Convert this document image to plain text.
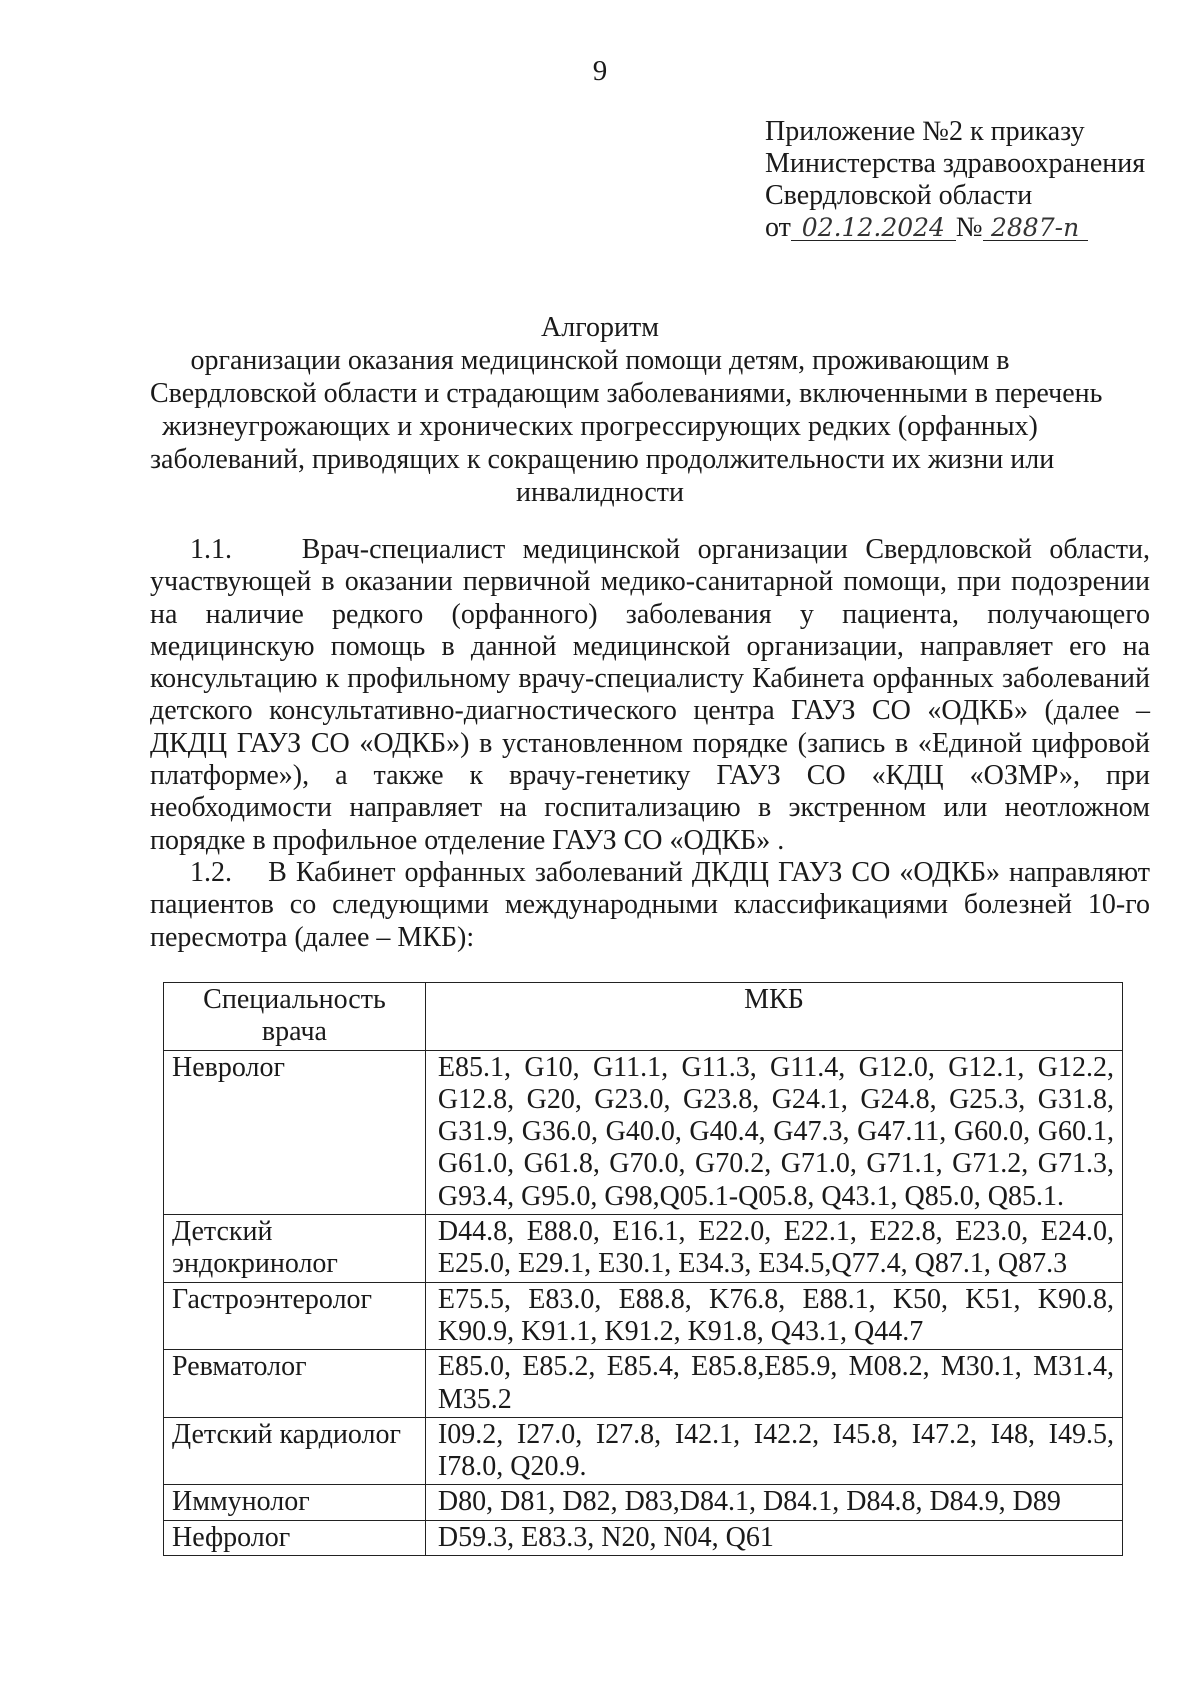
9
Приложение №2 к приказу
Министерства здравоохранения
Свердловской области
от 02.12.2024 № 2887-п
Алгоритм
организации оказания медицинской помощи детям, проживающим в
Свердловской области и страдающим заболеваниями, включенными в перечень
жизнеугрожающих и хронических прогрессирующих редких (орфанных)
заболеваний, приводящих к сокращению продолжительности их жизни или
инвалидности
1.1. Врач-специалист медицинской организации Свердловской области, участвующей в оказании первичной медико-санитарной помощи, при подозрении на наличие редкого (орфанного) заболевания у пациента, получающего медицинскую помощь в данной медицинской организации, направляет его на консультацию к профильному врачу-специалисту Кабинета орфанных заболеваний детского консультативно-диагностического центра ГАУЗ СО «ОДКБ» (далее – ДКДЦ ГАУЗ СО «ОДКБ») в установленном порядке (запись в «Единой цифровой платформе»), а также к врачу-генетику ГАУЗ СО «КДЦ «ОЗМР», при необходимости направляет на госпитализацию в экстренном или неотложном порядке в профильное отделение ГАУЗ СО «ОДКБ» .
1.2. В Кабинет орфанных заболеваний ДКДЦ ГАУЗ СО «ОДКБ» направляют пациентов со следующими международными классификациями болезней 10-го пересмотра (далее – МКБ):
Специальность врача	МКБ
Невролог	E85.1, G10, G11.1, G11.3, G11.4, G12.0, G12.1, G12.2, G12.8, G20, G23.0, G23.8, G24.1, G24.8, G25.3, G31.8, G31.9, G36.0, G40.0, G40.4, G47.3, G47.11, G60.0, G60.1, G61.0, G61.8, G70.0, G70.2, G71.0, G71.1, G71.2, G71.3, G93.4, G95.0, G98,Q05.1-Q05.8, Q43.1, Q85.0, Q85.1.
Детский эндокринолог	D44.8, E88.0, E16.1, E22.0, E22.1, E22.8, E23.0, E24.0, E25.0, E29.1, E30.1, E34.3, E34.5,Q77.4, Q87.1, Q87.3
Гастроэнтеролог	E75.5, E83.0, E88.8, K76.8, E88.1, K50, K51, K90.8, K90.9, K91.1, K91.2, K91.8, Q43.1, Q44.7
Ревматолог	E85.0, E85.2, E85.4, E85.8,E85.9, M08.2, M30.1, M31.4, M35.2
Детский кардиолог	I09.2, I27.0, I27.8, I42.1, I42.2, I45.8, I47.2, I48, I49.5, I78.0, Q20.9.
Иммунолог	D80, D81, D82, D83,D84.1, D84.1, D84.8, D84.9, D89
Нефролог	D59.3, E83.3, N20, N04, Q61
